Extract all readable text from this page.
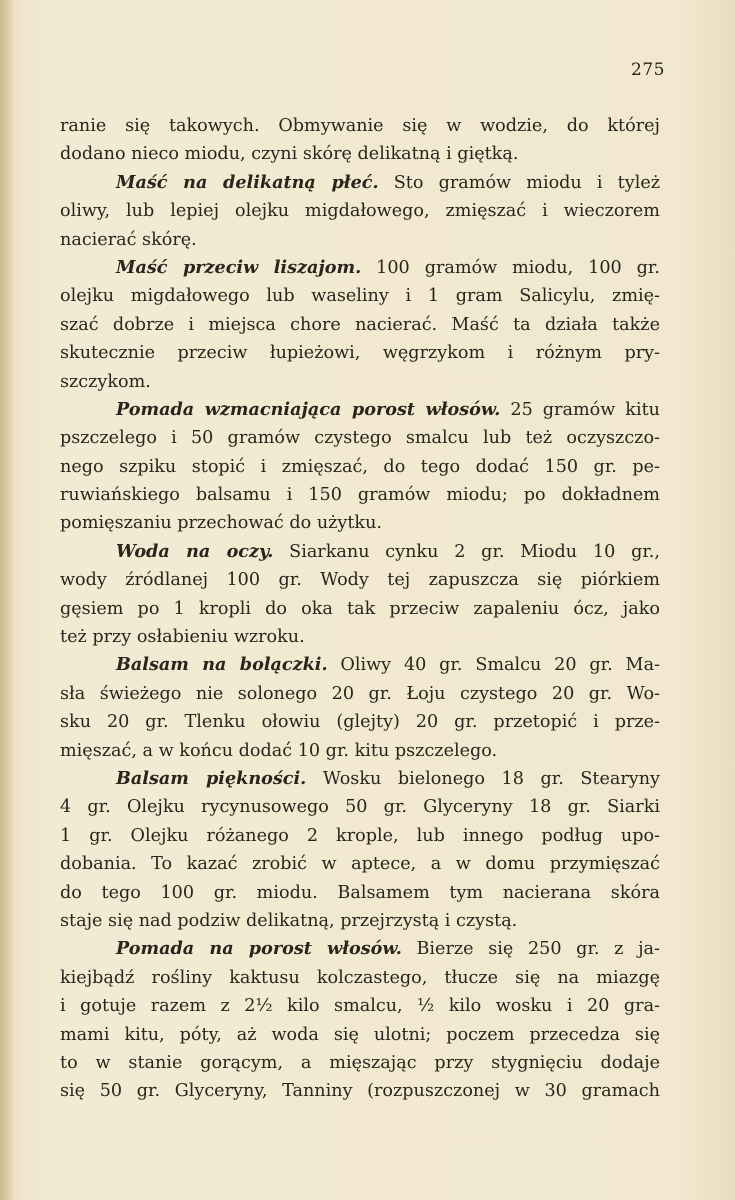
275
ranie się takowych. Obmywanie się w wodzie, do której
dodano nieco miodu, czyni skórę delikatną i giętką.
Maść na delikatną płeć. Sto gramów miodu i tyleż
oliwy, lub lepiej olejku migdałowego, zmięszać i wieczorem
nacierać skórę.
Maść przeciw liszajom. 100 gramów miodu, 100 gr.
olejku migdałowego lub waseliny i 1 gram Salicylu, zmię-
szać dobrze i miejsca chore nacierać. Maść ta działa także
skutecznie przeciw łupieżowi, węgrzykom i różnym pry-
szczykom.
Pomada wzmacniająca porost włosów. 25 gramów kitu
pszczelego i 50 gramów czystego smalcu lub też oczyszczo-
nego szpiku stopić i zmięszać, do tego dodać 150 gr. pe-
ruwiańskiego balsamu i 150 gramów miodu; po dokładnem
pomięszaniu przechować do użytku.
Woda na oczy. Siarkanu cynku 2 gr. Miodu 10 gr.,
wody źródlanej 100 gr. Wody tej zapuszcza się piórkiem
gęsiem po 1 kropli do oka tak przeciw zapaleniu ócz, jako
też przy osłabieniu wzroku.
Balsam na bolączki. Oliwy 40 gr. Smalcu 20 gr. Ma-
sła świeżego nie solonego 20 gr. Łoju czystego 20 gr. Wo-
sku 20 gr. Tlenku ołowiu (glejty) 20 gr. przetopić i prze-
mięszać, a w końcu dodać 10 gr. kitu pszczelego.
Balsam piękności. Wosku bielonego 18 gr. Stearyny
4 gr. Olejku rycynusowego 50 gr. Glyceryny 18 gr. Siarki
1 gr. Olejku różanego 2 krople, lub innego podług upo-
dobania. To kazać zrobić w aptece, a w domu przymięszać
do tego 100 gr. miodu. Balsamem tym nacierana skóra
staje się nad podziw delikatną, przejrzystą i czystą.
Pomada na porost włosów. Bierze się 250 gr. z ja-
kiejbądź rośliny kaktusu kolczastego, tłucze się na miazgę
i gotuje razem z 2½ kilo smalcu, ½ kilo wosku i 20 gra-
mami kitu, póty, aż woda się ulotni; poczem przecedza się
to w stanie gorącym, a mięszając przy stygnięciu dodaje
się 50 gr. Glyceryny, Tanniny (rozpuszczonej w 30 gramach
